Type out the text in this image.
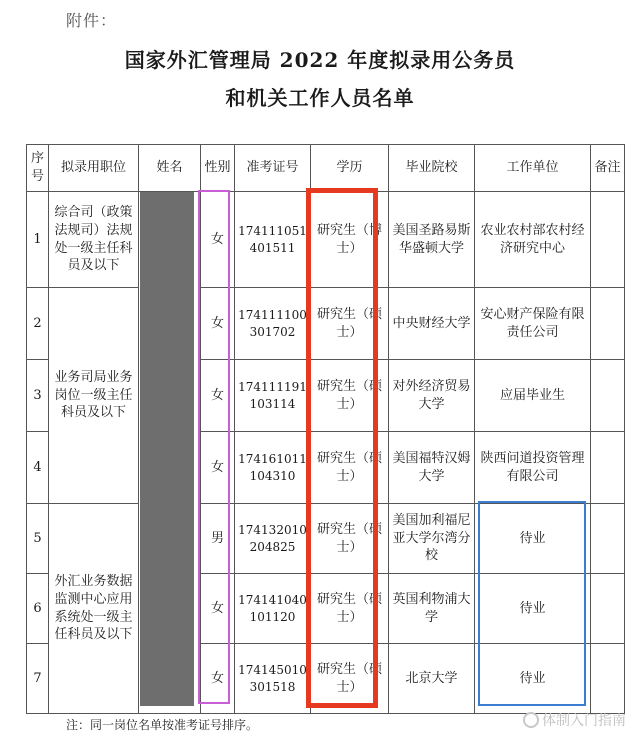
附件：
国家外汇管理局 2022 年度拟录用公务员
和机关工作人员名单
序号	拟录用职位	姓名	性别	准考证号	学历	毕业院校	工作单位	备注
1	综合司（政策法规司）法规处一级主任科员及以下		女	174111051401511	研究生（博士）	美国圣路易斯华盛顿大学	农业农村部农村经济研究中心	
2	业务司局业务岗位一级主任科员及以下		女	174111100301702	研究生（硕士）	中央财经大学	安心财产保险有限责任公司	
3			女	174111191103114	研究生（硕士）	对外经济贸易大学	应届毕业生	
4			女	174161011104310	研究生（硕士）	美国福特汉姆大学	陕西问道投资管理有限公司	
5	外汇业务数据监测中心应用系统处一级主任科员及以下		男	174132010204825	研究生（硕士）	美国加利福尼亚大学尔湾分校	待业	
6			女	174141040101120	研究生（硕士）	英国利物浦大学	待业	
7			女	174145010301518	研究生（硕士）	北京大学	待业	
注：同一岗位名单按准考证号排序。	体制入门指南
